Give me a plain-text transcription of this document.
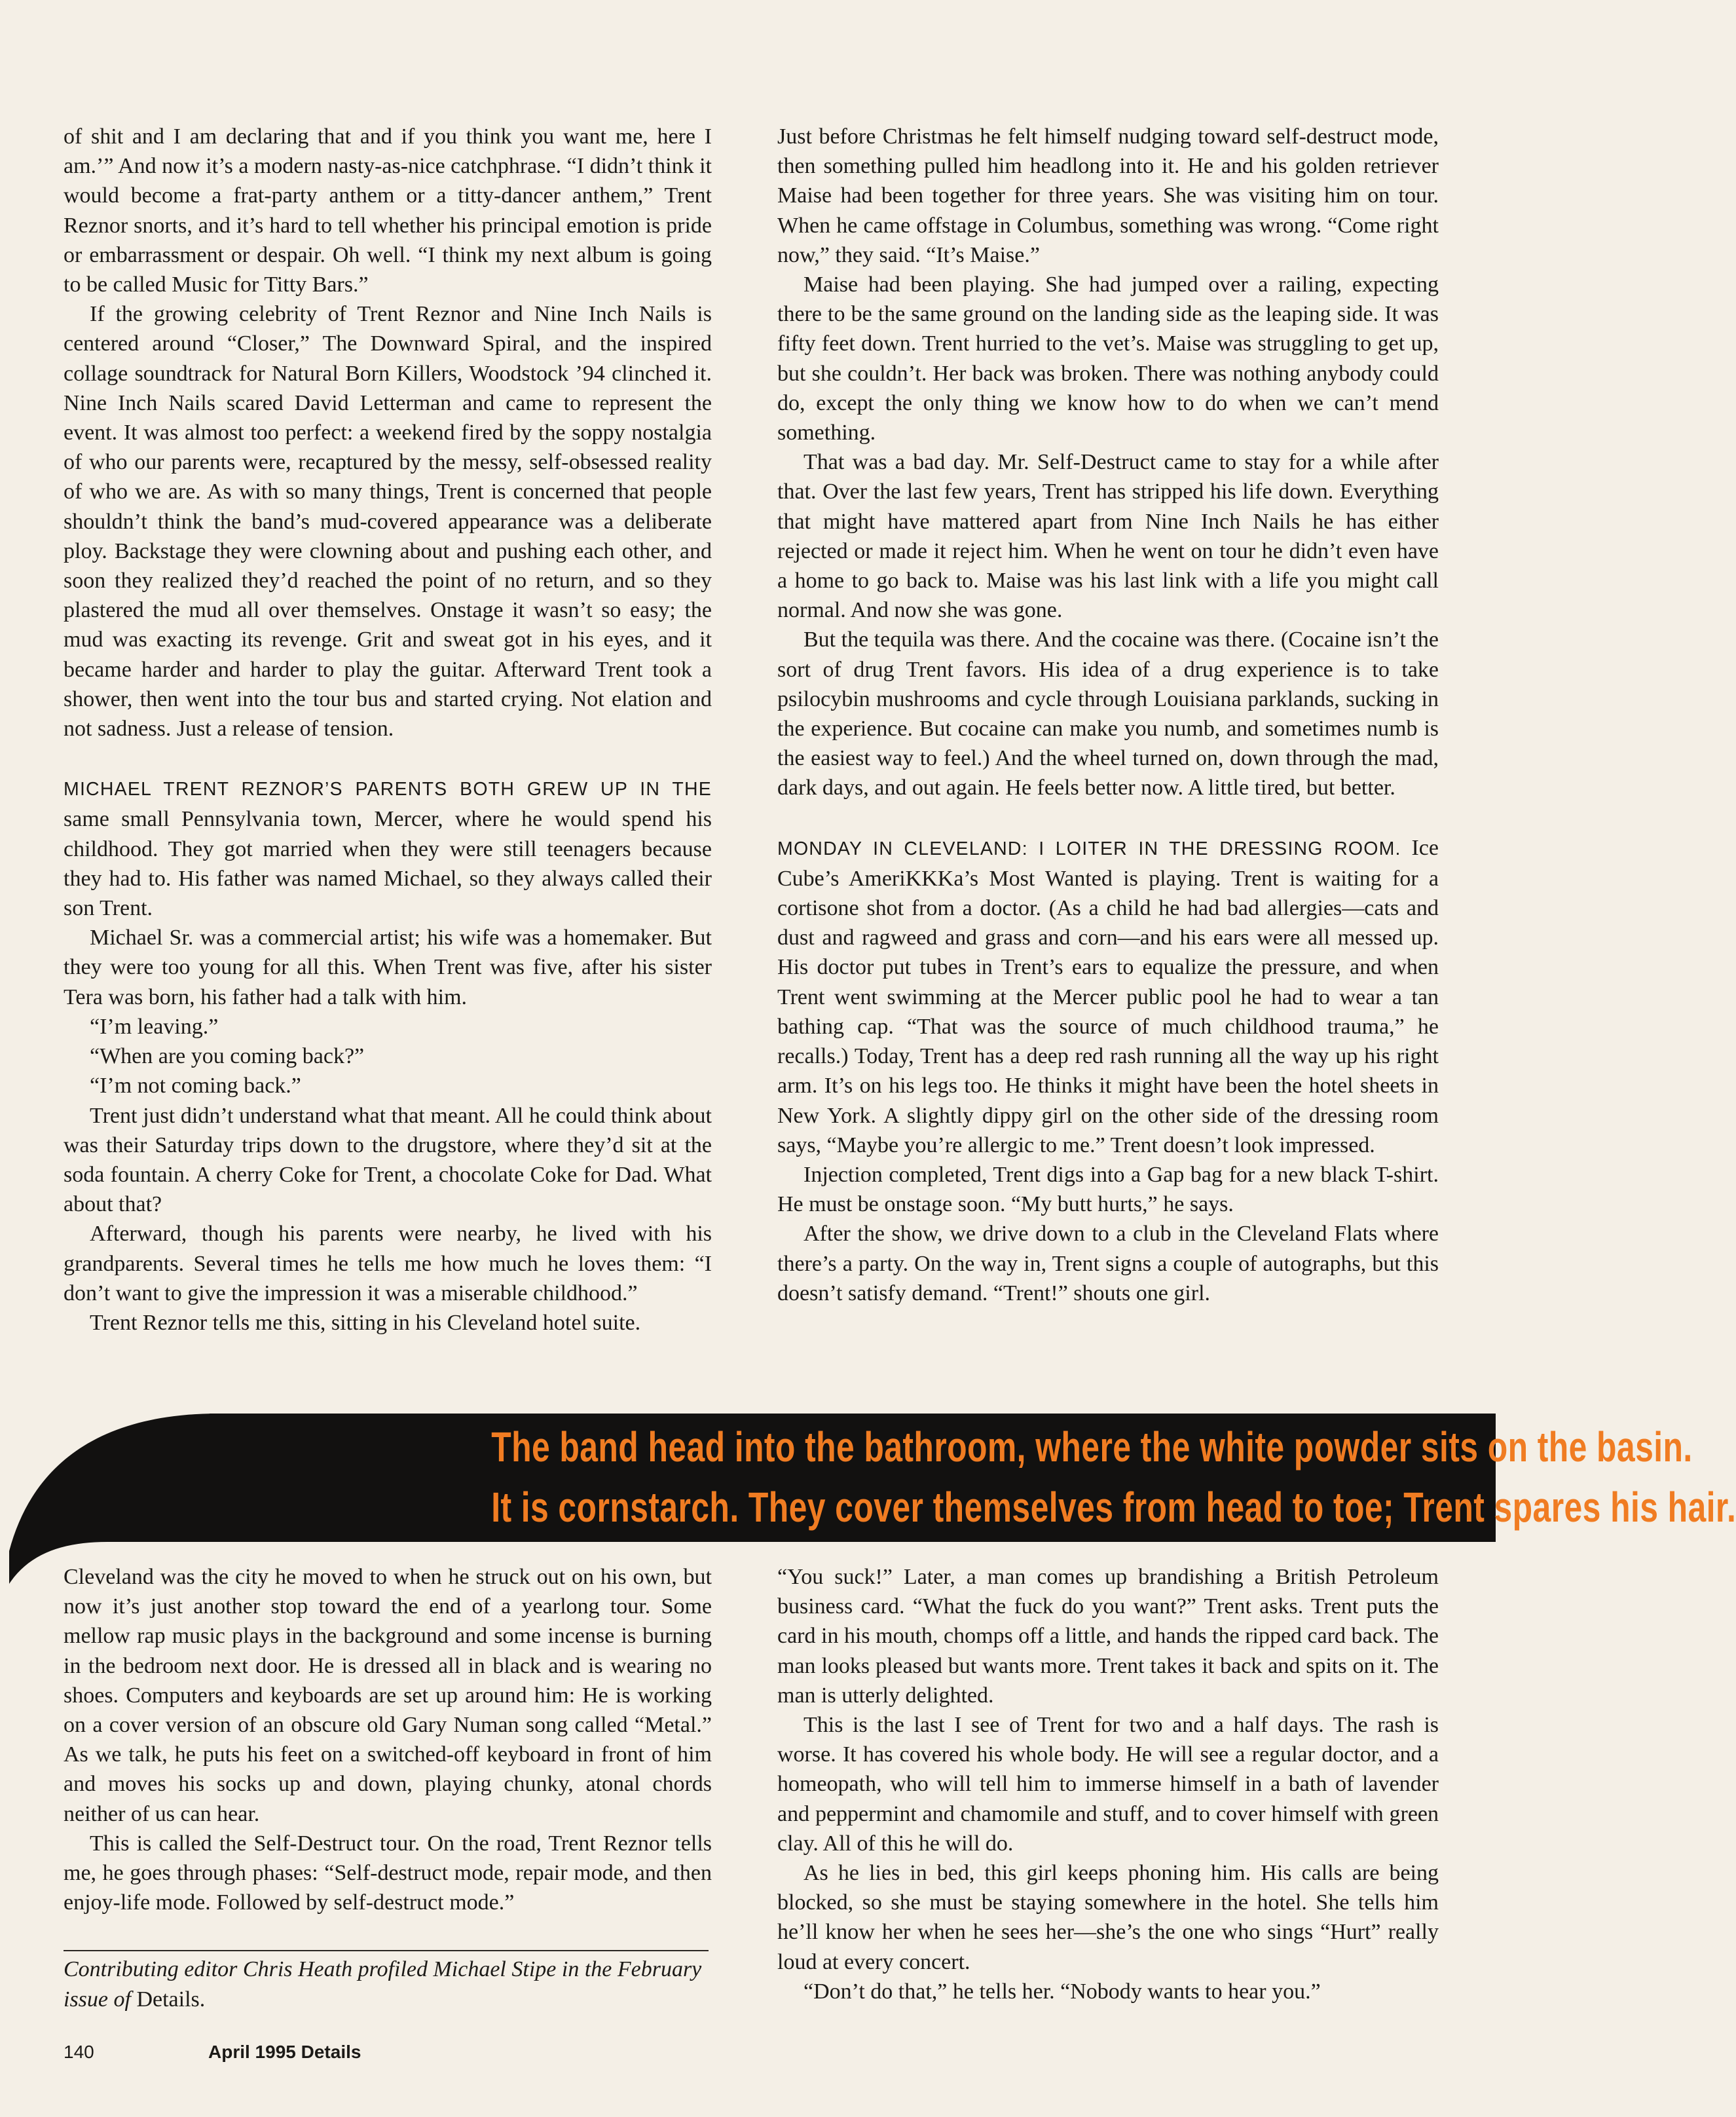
of shit and I am declaring that and if you think you want me, here I am.’” And now it’s a modern nasty-as-nice catchphrase. “I didn’t think it would become a frat-party anthem or a titty-dancer anthem,” Trent Reznor snorts, and it’s hard to tell whether his principal emotion is pride or embarrassment or despair. Oh well. “I think my next album is going to be called Music for Titty Bars.”

If the growing celebrity of Trent Reznor and Nine Inch Nails is centered around “Closer,” The Downward Spiral, and the inspired collage soundtrack for Natural Born Killers, Woodstock ’94 clinched it. Nine Inch Nails scared David Letterman and came to represent the event. It was almost too perfect: a weekend fired by the soppy nostalgia of who our parents were, recaptured by the messy, self-obsessed reality of who we are. As with so many things, Trent is concerned that people shouldn’t think the band’s mud-covered appearance was a deliberate ploy. Backstage they were clowning about and pushing each other, and soon they realized they’d reached the point of no return, and so they plastered the mud all over themselves. Onstage it wasn’t so easy; the mud was exacting its revenge. Grit and sweat got in his eyes, and it became harder and harder to play the guitar. Afterward Trent took a shower, then went into the tour bus and started crying. Not elation and not sadness. Just a release of tension.

MICHAEL TRENT REZNOR’S PARENTS BOTH GREW UP IN THE same small Pennsylvania town, Mercer, where he would spend his childhood. They got married when they were still teenagers because they had to. His father was named Michael, so they always called their son Trent.

Michael Sr. was a commercial artist; his wife was a homemaker. But they were too young for all this. When Trent was five, after his sister Tera was born, his father had a talk with him.

“I’m leaving.”

“When are you coming back?”

“I’m not coming back.”

Trent just didn’t understand what that meant. All he could think about was their Saturday trips down to the drugstore, where they’d sit at the soda fountain. A cherry Coke for Trent, a chocolate Coke for Dad. What about that?

Afterward, though his parents were nearby, he lived with his grandparents. Several times he tells me how much he loves them: “I don’t want to give the impression it was a miserable childhood.”

Trent Reznor tells me this, sitting in his Cleveland hotel suite.

Just before Christmas he felt himself nudging toward self-destruct mode, then something pulled him headlong into it. He and his golden retriever Maise had been together for three years. She was visiting him on tour. When he came offstage in Columbus, something was wrong. “Come right now,” they said. “It’s Maise.”

Maise had been playing. She had jumped over a railing, expecting there to be the same ground on the landing side as the leaping side. It was fifty feet down. Trent hurried to the vet’s. Maise was struggling to get up, but she couldn’t. Her back was broken. There was nothing anybody could do, except the only thing we know how to do when we can’t mend something.

That was a bad day. Mr. Self-Destruct came to stay for a while after that. Over the last few years, Trent has stripped his life down. Everything that might have mattered apart from Nine Inch Nails he has either rejected or made it reject him. When he went on tour he didn’t even have a home to go back to. Maise was his last link with a life you might call normal. And now she was gone.

But the tequila was there. And the cocaine was there. (Cocaine isn’t the sort of drug Trent favors. His idea of a drug experience is to take psilocybin mushrooms and cycle through Louisiana parklands, sucking in the experience. But cocaine can make you numb, and sometimes numb is the easiest way to feel.) And the wheel turned on, down through the mad, dark days, and out again. He feels better now. A little tired, but better.

MONDAY IN CLEVELAND: I LOITER IN THE DRESSING ROOM. Ice Cube’s AmeriKKKa’s Most Wanted is playing. Trent is waiting for a cortisone shot from a doctor. (As a child he had bad allergies—cats and dust and ragweed and grass and corn—and his ears were all messed up. His doctor put tubes in Trent’s ears to equalize the pressure, and when Trent went swimming at the Mercer public pool he had to wear a tan bathing cap. “That was the source of much childhood trauma,” he recalls.) Today, Trent has a deep red rash running all the way up his right arm. It’s on his legs too. He thinks it might have been the hotel sheets in New York. A slightly dippy girl on the other side of the dressing room says, “Maybe you’re allergic to me.” Trent doesn’t look impressed.

Injection completed, Trent digs into a Gap bag for a new black T-shirt. He must be onstage soon. “My butt hurts,” he says.

After the show, we drive down to a club in the Cleveland Flats where there’s a party. On the way in, Trent signs a couple of autographs, but this doesn’t satisfy demand. “Trent!” shouts one girl.

The band head into the bathroom, where the white powder sits on the basin.
It is cornstarch. They cover themselves from head to toe; Trent spares his hair.

Cleveland was the city he moved to when he struck out on his own, but now it’s just another stop toward the end of a yearlong tour. Some mellow rap music plays in the background and some incense is burning in the bedroom next door. He is dressed all in black and is wearing no shoes. Computers and keyboards are set up around him: He is working on a cover version of an obscure old Gary Numan song called “Metal.” As we talk, he puts his feet on a switched-off keyboard in front of him and moves his socks up and down, playing chunky, atonal chords neither of us can hear.

This is called the Self-Destruct tour. On the road, Trent Reznor tells me, he goes through phases: “Self-destruct mode, repair mode, and then enjoy-life mode. Followed by self-destruct mode.”

Contributing editor Chris Heath profiled Michael Stipe in the February issue of Details.

“You suck!” Later, a man comes up brandishing a British Petroleum business card. “What the fuck do you want?” Trent asks. Trent puts the card in his mouth, chomps off a little, and hands the ripped card back. The man looks pleased but wants more. Trent takes it back and spits on it. The man is utterly delighted.

This is the last I see of Trent for two and a half days. The rash is worse. It has covered his whole body. He will see a regular doctor, and a homeopath, who will tell him to immerse himself in a bath of lavender and peppermint and chamomile and stuff, and to cover himself with green clay. All of this he will do.

As he lies in bed, this girl keeps phoning him. His calls are being blocked, so she must be staying somewhere in the hotel. She tells him he’ll know her when he sees her—she’s the one who sings “Hurt” really loud at every concert.

“Don’t do that,” he tells her. “Nobody wants to hear you.”

140	April 1995 Details
